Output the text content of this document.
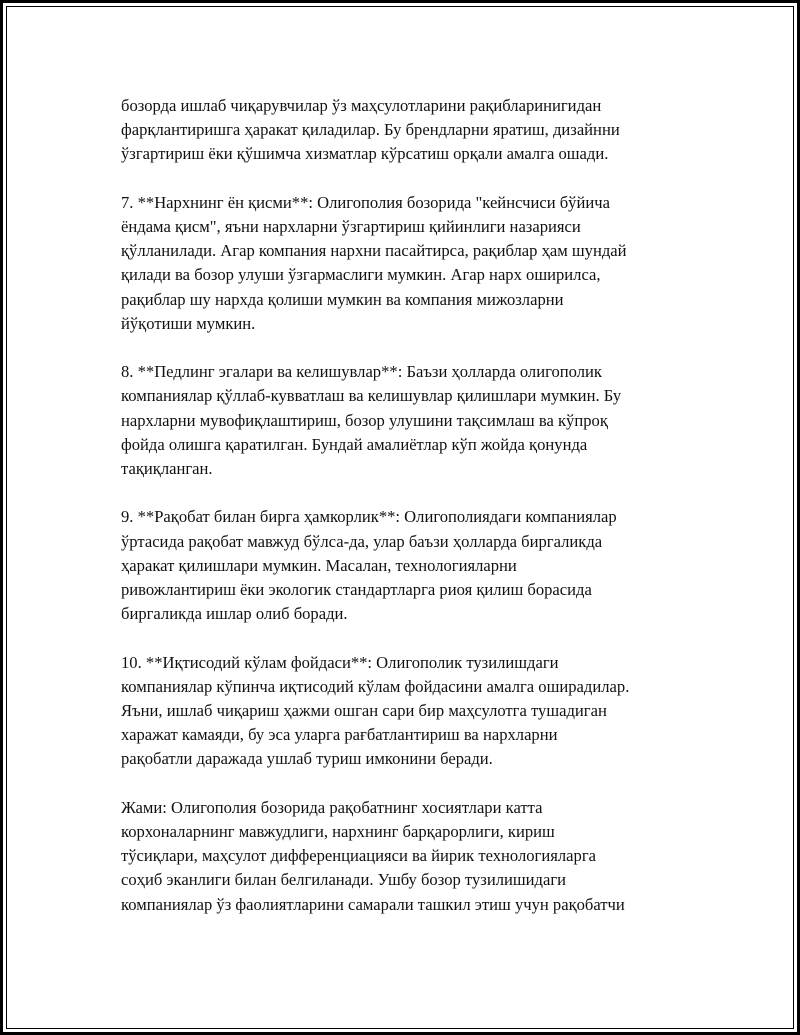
бозорда ишлаб чиқарувчилар ўз маҳсулотларини рақибларинигидан
фарқлантиришга ҳаракат қиладилар. Бу брендларни яратиш, дизайнни
ўзгартириш ёки қўшимча хизматлар кўрсатиш орқали амалга ошади.

7. **Нархнинг ён қисми**: Олигополия бозорида "кейнсчиси бўйича
ёндама қисм", яъни нархларни ўзгартириш қийинлиги назарияси
қўлланилади. Агар компания нархни пасайтирса, рақиблар ҳам шундай
қилади ва бозор улуши ўзгармаслиги мумкин. Агар нарх оширилса,
рақиблар шу нархда қолиши мумкин ва компания мижозларни
йўқотиши мумкин.

8. **Педлинг эгалари ва келишувлар**: Баъзи ҳолларда олигополик
компаниялар қўллаб-кувватлаш ва келишувлар қилишлари мумкин. Бу
нархларни мувофиқлаштириш, бозор улушини тақсимлаш ва кўпроқ
фойда олишга қаратилган. Бундай амалиётлар кўп жойда қонунда
тақиқланган.

9. **Рақобат билан бирга ҳамкорлик**: Олигополиядаги компаниялар
ўртасида рақобат мавжуд бўлса-да, улар баъзи ҳолларда биргаликда
ҳаракат қилишлари мумкин. Масалан, технологияларни
ривожлантириш ёки экологик стандартларга риоя қилиш борасида
биргаликда ишлар олиб боради.

10. **Иқтисодий кўлам фойдаси**: Олигополик тузилишдаги
компаниялар кўпинча иқтисодий кўлам фойдасини амалга оширадилар.
Яъни, ишлаб чиқариш ҳажми ошган сари бир маҳсулотга тушадиган
харажат камаяди, бу эса уларга рағбатлантириш ва нархларни
рақобатли даражада ушлаб туриш имконини беради.

Жами: Олигополия бозорида рақобатнинг хосиятлари катта
корхоналарнинг мавжудлиги, нархнинг барқарорлиги, кириш
тўсиқлари, маҳсулот дифференциацияси ва йирик технологияларга
соҳиб эканлиги билан белгиланади. Ушбу бозор тузилишидаги
компаниялар ўз фаолиятларини самарали ташкил этиш учун рақобатчи
